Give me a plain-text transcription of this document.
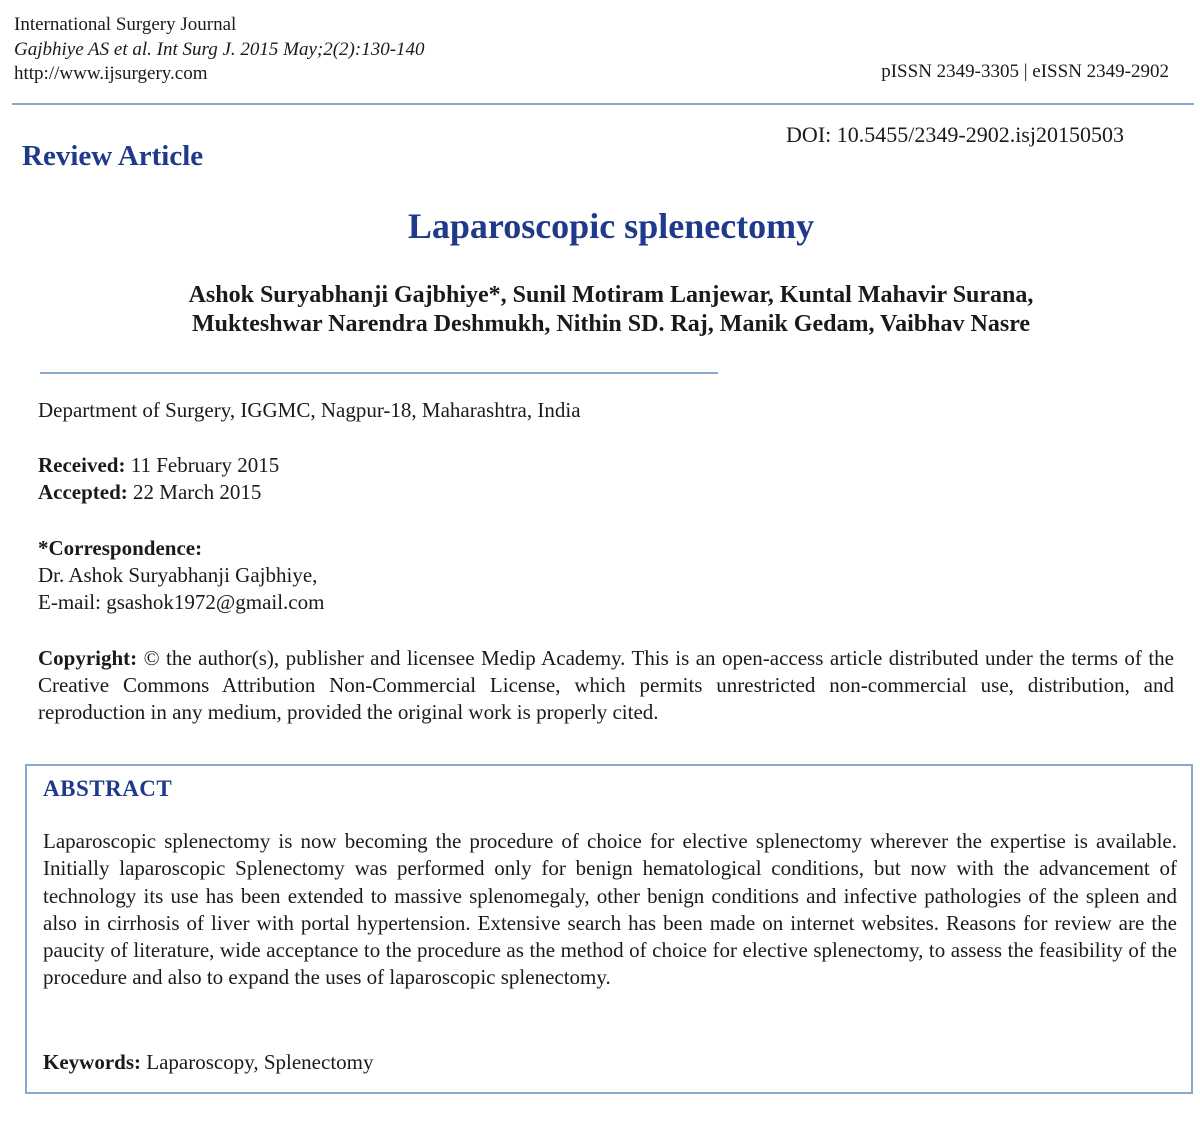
International Surgery Journal
Gajbhiye AS et al. Int Surg J. 2015 May;2(2):130-140
http://www.ijsurgery.com	pISSN 2349-3305 | eISSN 2349-2902
Review Article
DOI: 10.5455/2349-2902.isj20150503
Laparoscopic splenectomy
Ashok Suryabhanji Gajbhiye*, Sunil Motiram Lanjewar, Kuntal Mahavir Surana,
Mukteshwar Narendra Deshmukh, Nithin SD. Raj, Manik Gedam, Vaibhav Nasre
Department of Surgery, IGGMC, Nagpur-18, Maharashtra, India
Received: 11 February 2015
Accepted: 22 March 2015
*Correspondence:
Dr. Ashok Suryabhanji Gajbhiye,
E-mail: gsashok1972@gmail.com
Copyright: © the author(s), publisher and licensee Medip Academy. This is an open-access article distributed under the terms of the Creative Commons Attribution Non-Commercial License, which permits unrestricted non-commercial use, distribution, and reproduction in any medium, provided the original work is properly cited.
ABSTRACT
Laparoscopic splenectomy is now becoming the procedure of choice for elective splenectomy wherever the expertise is available. Initially laparoscopic Splenectomy was performed only for benign hematological conditions, but now with the advancement of technology its use has been extended to massive splenomegaly, other benign conditions and infective pathologies of the spleen and also in cirrhosis of liver with portal hypertension. Extensive search has been made on internet websites. Reasons for review are the paucity of literature, wide acceptance to the procedure as the method of choice for elective splenectomy, to assess the feasibility of the procedure and also to expand the uses of laparoscopic splenectomy.
Keywords: Laparoscopy, Splenectomy
